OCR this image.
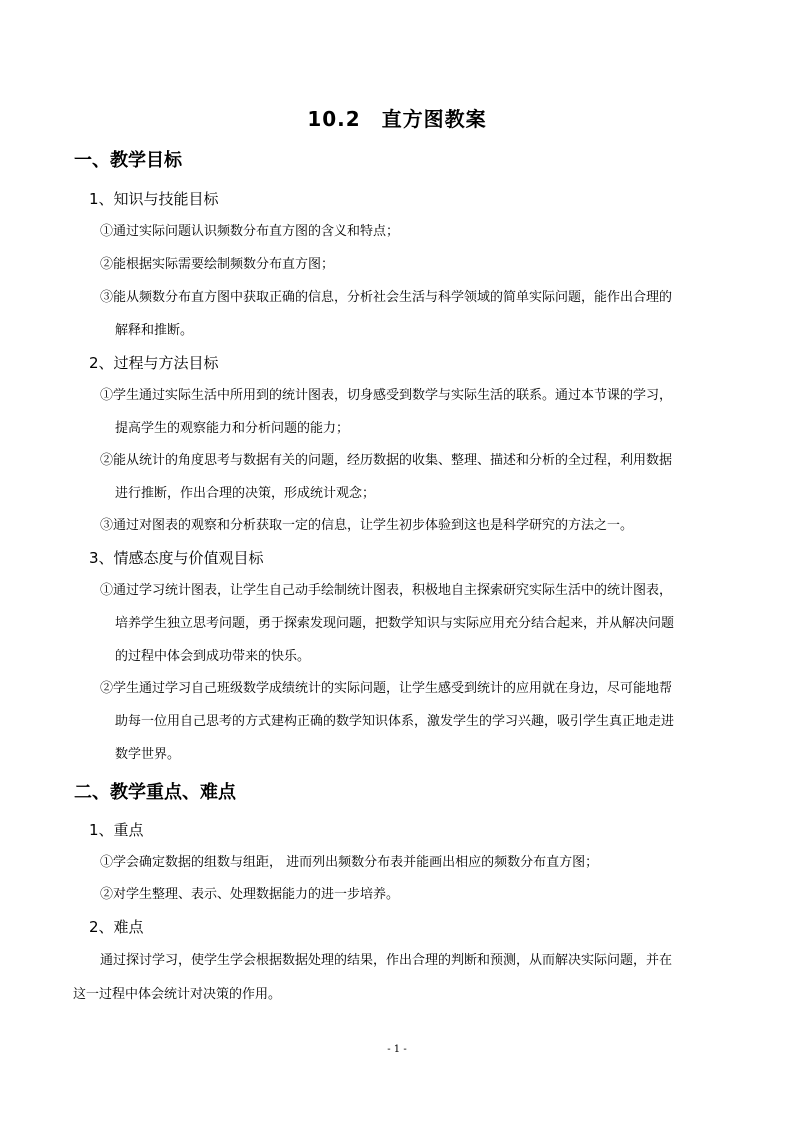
10.2　直方图教案
一、教学目标
1、知识与技能目标
①通过实际问题认识频数分布直方图的含义和特点；
②能根据实际需要绘制频数分布直方图；
③能从频数分布直方图中获取正确的信息，分析社会生活与科学领域的简单实际问题，能作出合理的
解释和推断。
2、过程与方法目标
①学生通过实际生活中所用到的统计图表，切身感受到数学与实际生活的联系。通过本节课的学习，
提高学生的观察能力和分析问题的能力；
②能从统计的角度思考与数据有关的问题，经历数据的收集、整理、描述和分析的全过程，利用数据
进行推断，作出合理的决策，形成统计观念；
③通过对图表的观察和分析获取一定的信息，让学生初步体验到这也是科学研究的方法之一。
3、情感态度与价值观目标
①通过学习统计图表，让学生自己动手绘制统计图表，积极地自主探索研究实际生活中的统计图表，
培养学生独立思考问题，勇于探索发现问题，把数学知识与实际应用充分结合起来，并从解决问题
的过程中体会到成功带来的快乐。
②学生通过学习自己班级数学成绩统计的实际问题，让学生感受到统计的应用就在身边，尽可能地帮
助每一位用自己思考的方式建构正确的数学知识体系，激发学生的学习兴趣，吸引学生真正地走进
数学世界。
二、教学重点、难点
1、重点
①学会确定数据的组数与组距， 进而列出频数分布表并能画出相应的频数分布直方图；
②对学生整理、表示、处理数据能力的进一步培养。
2、难点
通过探讨学习，使学生学会根据数据处理的结果，作出合理的判断和预测，从而解决实际问题，并在
这一过程中体会统计对决策的作用。
- 1 -
